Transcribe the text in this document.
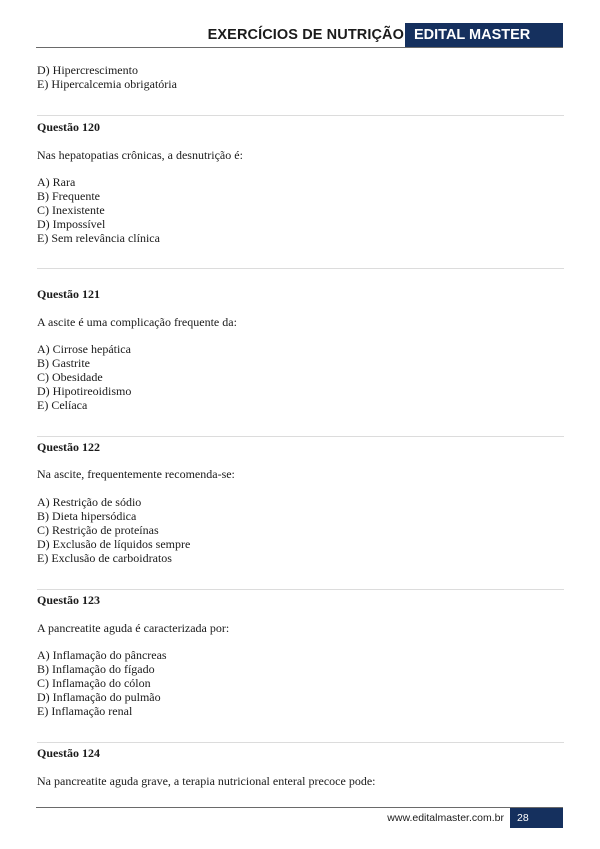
EXERCÍCIOS DE NUTRIÇÃO EDITAL MASTER
D) Hipercrescimento
E) Hipercalcemia obrigatória
Questão 120
Nas hepatopatias crônicas, a desnutrição é:
A) Rara
B) Frequente
C) Inexistente
D) Impossível
E) Sem relevância clínica
Questão 121
A ascite é uma complicação frequente da:
A) Cirrose hepática
B) Gastrite
C) Obesidade
D) Hipotireoidismo
E) Celíaca
Questão 122
Na ascite, frequentemente recomenda-se:
A) Restrição de sódio
B) Dieta hipersódica
C) Restrição de proteínas
D) Exclusão de líquidos sempre
E) Exclusão de carboidratos
Questão 123
A pancreatite aguda é caracterizada por:
A) Inflamação do pâncreas
B) Inflamação do fígado
C) Inflamação do cólon
D) Inflamação do pulmão
E) Inflamação renal
Questão 124
Na pancreatite aguda grave, a terapia nutricional enteral precoce pode:
www.editalmaster.com.br	28
